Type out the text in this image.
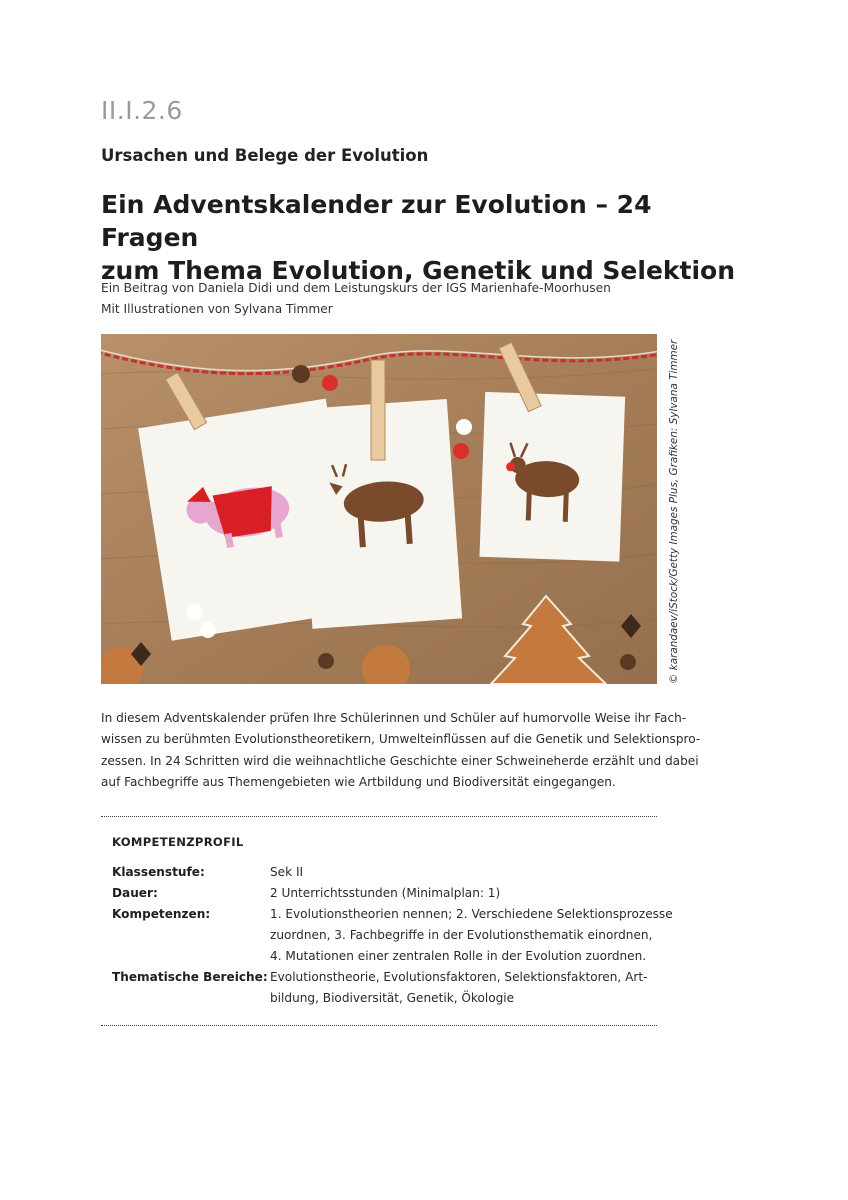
II.I.2.6
Ursachen und Belege der Evolution
Ein Adventskalender zur Evolution – 24 Fragen
zum Thema Evolution, Genetik und Selektion
Ein Beitrag von Daniela Didi und dem Leistungskurs der IGS Marienhafe-Moorhusen
Mit Illustrationen von Sylvana Timmer
© karandaev/iStock/Getty Images Plus, Grafiken: Sylvana Timmer

In diesem Adventskalender prüfen Ihre Schülerinnen und Schüler auf humorvolle Weise ihr Fach-

wissen zu berühmten Evolutionstheoretikern, Umwelteinflüssen auf die Genetik und Selektionspro-

zessen. In 24 Schritten wird die weihnachtliche Geschichte einer Schweineherde erzählt und dabei

auf Fachbegriffe aus Themengebieten wie Artbildung und Biodiversität eingegangen.

KOMPETENZPROFIL
Klassenstufe:	Sek II
Dauer:	2 Unterrichtsstunden (Minimalplan: 1)
Kompetenzen:	1. Evolutionstheorien nennen; 2. Verschiedene Selektionsprozesse
zuordnen, 3. Fachbegriffe in der Evolutionsthematik einordnen,
4. Mutationen einer zentralen Rolle in der Evolution zuordnen.
Thematische Bereiche: Evolutionstheorie, Evolutionsfaktoren, Selektionsfaktoren, Art-
bildung, Biodiversität, Genetik, Ökologie
